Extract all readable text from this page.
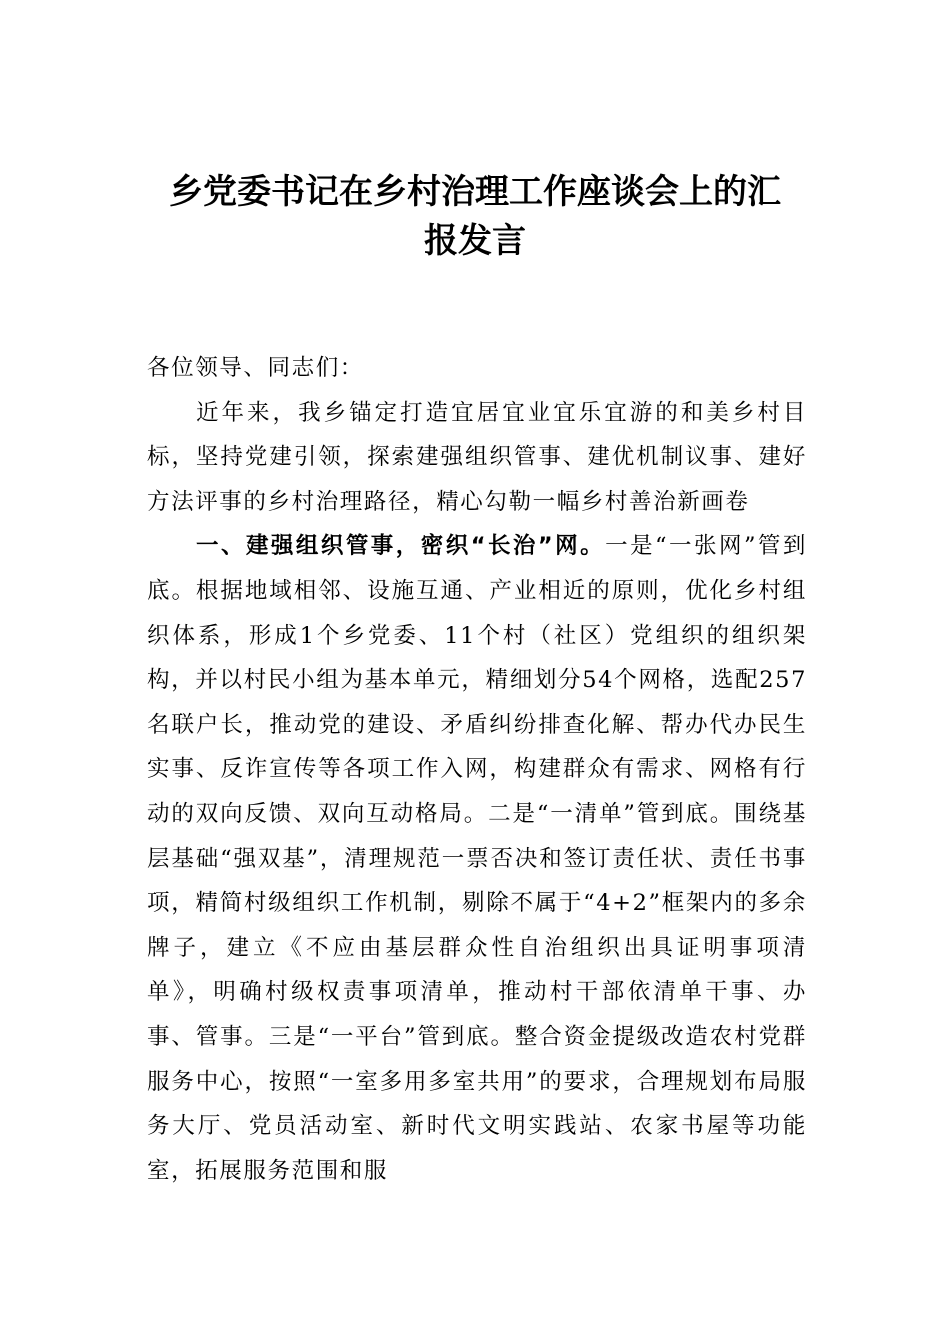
乡党委书记在乡村治理工作座谈会上的汇
报发言

各位领导、同志们：

近年来，我乡锚定打造宜居宜业宜乐宜游的和美乡村目标，坚持党建引领，探索建强组织管事、建优机制议事、建好方法评事的乡村治理路径，精心勾勒一幅乡村善治新画卷

一、建强组织管事，密织“长治”网。一是“一张网”管到底。根据地域相邻、设施互通、产业相近的原则，优化乡村组织体系，形成1个乡党委、11个村（社区）党组织的组织架构，并以村民小组为基本单元，精细划分54个网格，选配257名联户长，推动党的建设、矛盾纠纷排查化解、帮办代办民生实事、反诈宣传等各项工作入网，构建群众有需求、网格有行动的双向反馈、双向互动格局。二是“一清单”管到底。围绕基层基础“强双基”，清理规范一票否决和签订责任状、责任书事项，精简村级组织工作机制，剔除不属于“4+2”框架内的多余牌子，建立《不应由基层群众性自治组织出具证明事项清单》，明确村级权责事项清单，推动村干部依清单干事、办事、管事。三是“一平台”管到底。整合资金提级改造农村党群服务中心，按照“一室多用多室共用”的要求，合理规划布局服务大厅、党员活动室、新时代文明实践站、农家书屋等功能室，拓展服务范围和服
